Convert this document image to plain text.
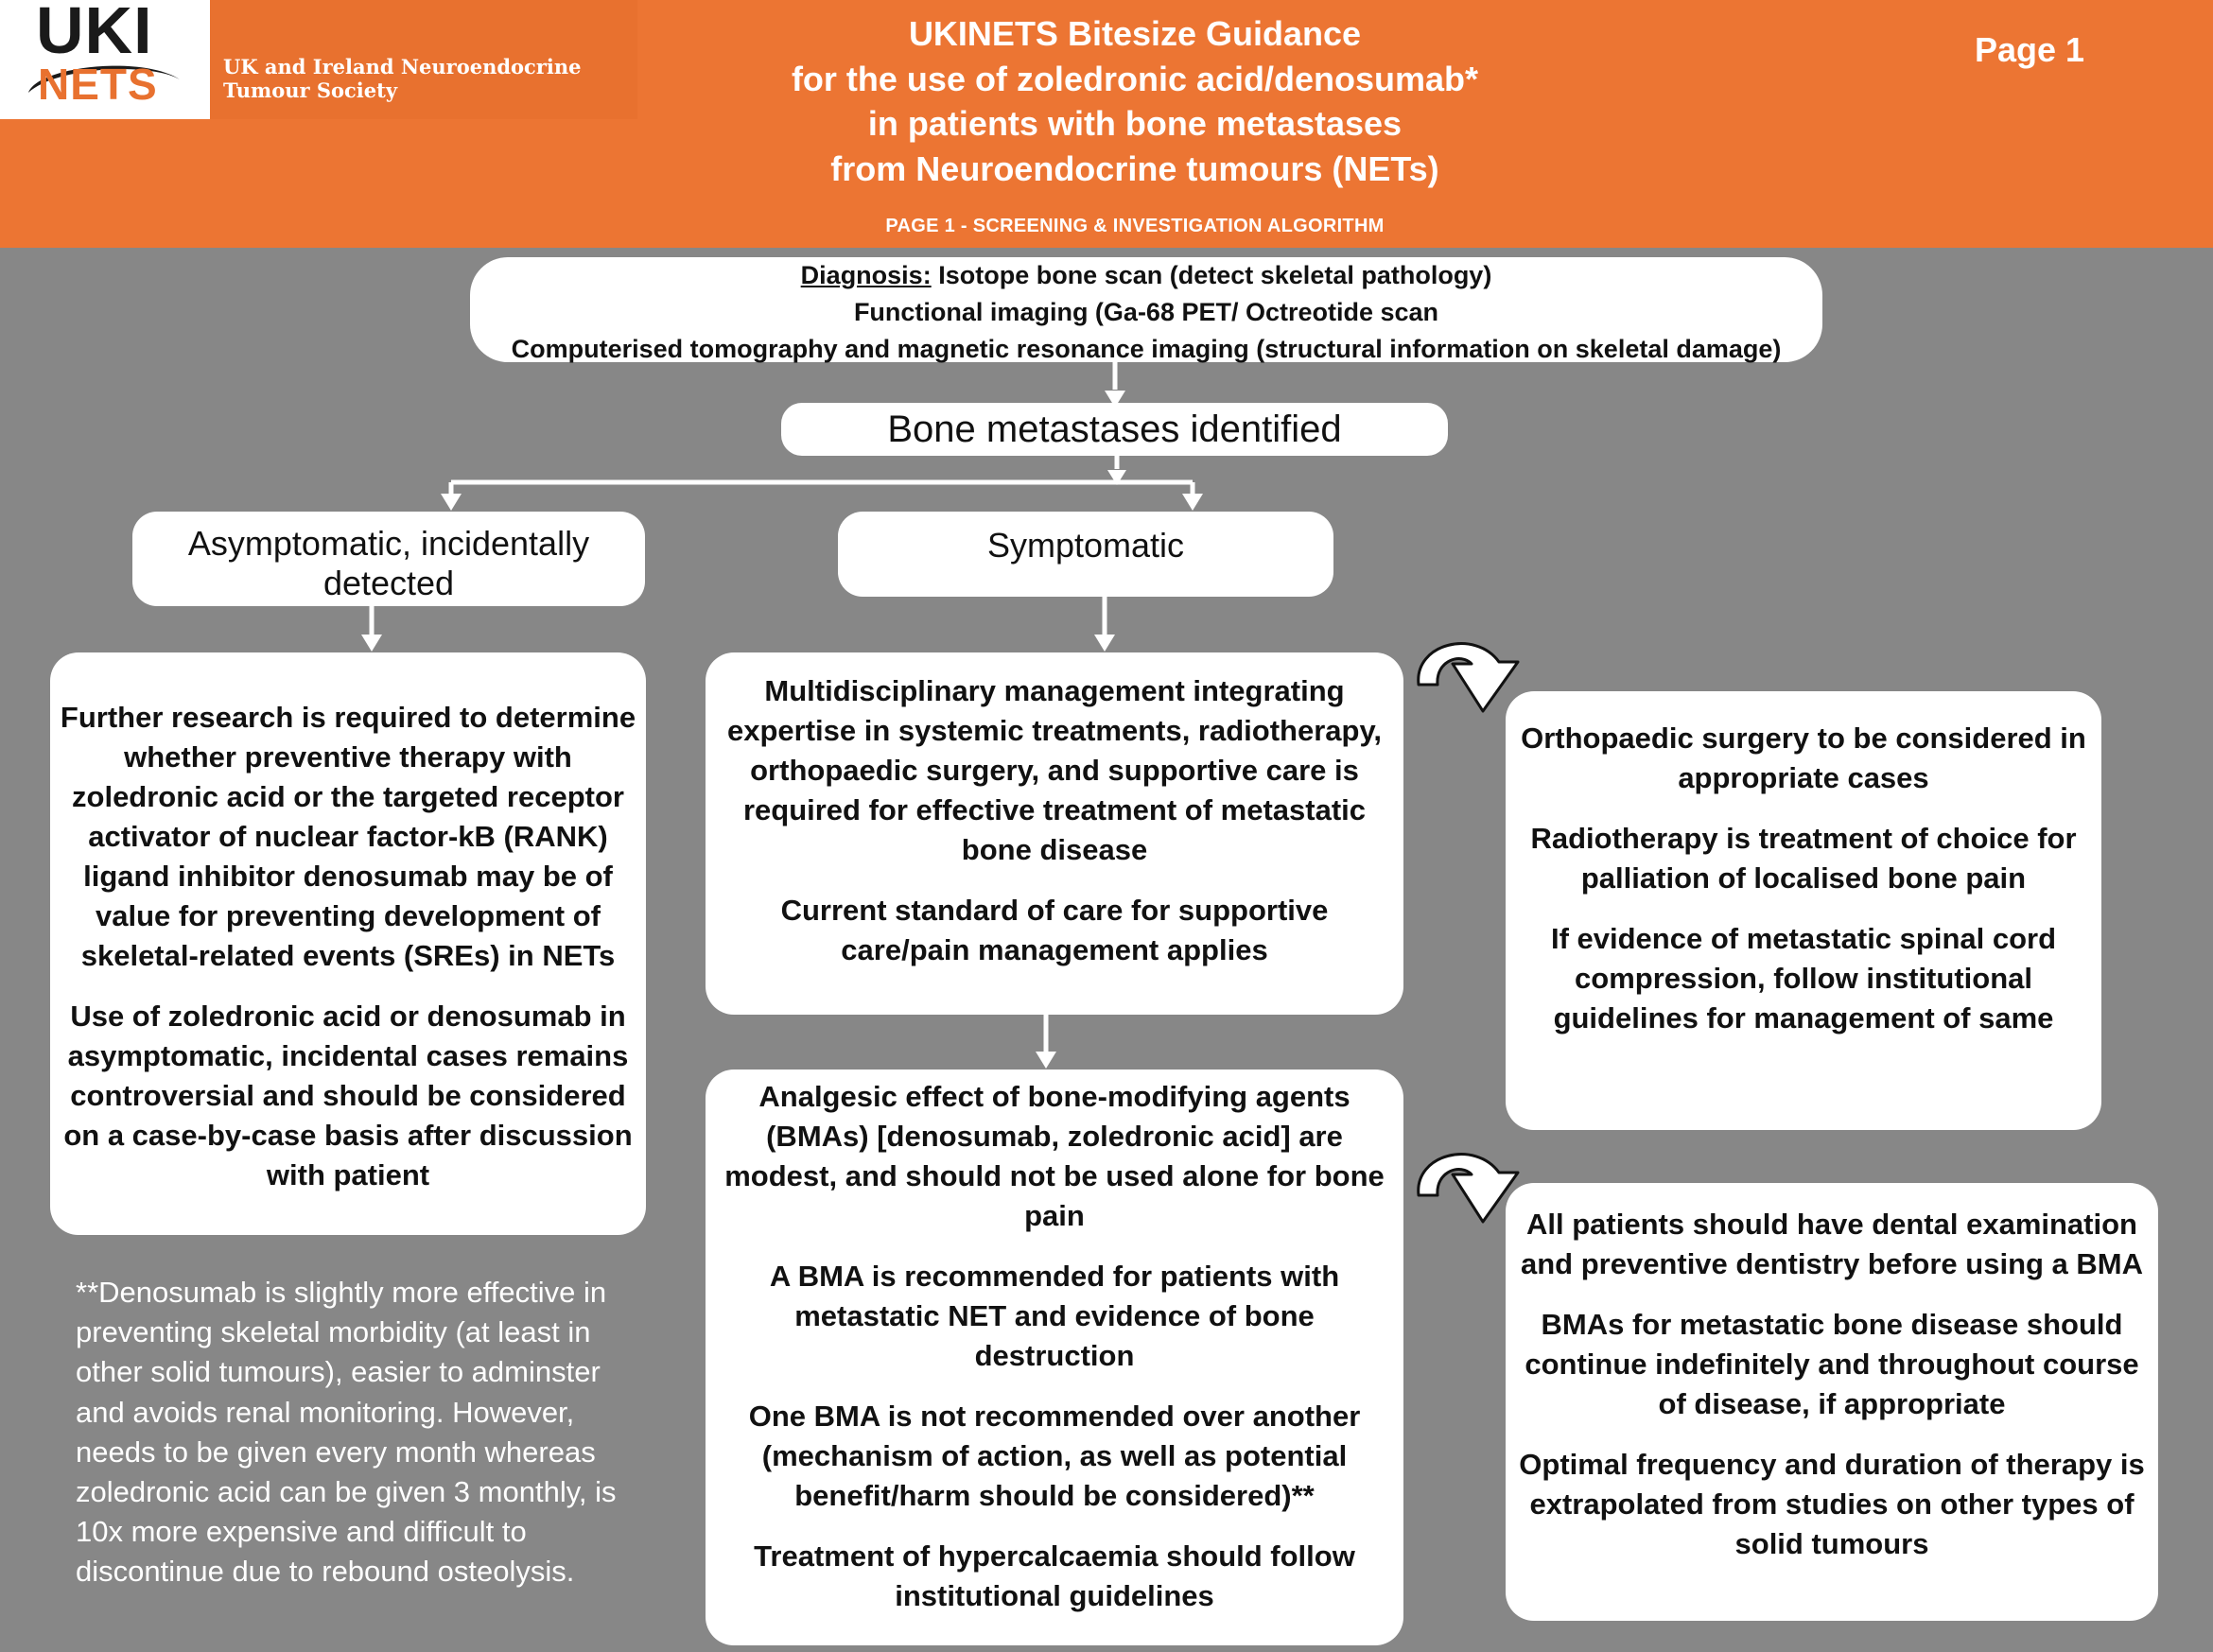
UKI
NETS	UK and Ireland Neuroendocrine
Tumour Society
UKINETS Bitesize Guidance
for the use of zoledronic acid/denosumab*
in patients with bone metastases
from Neuroendocrine tumours (NETs)
Page 1
PAGE 1 - SCREENING & INVESTIGATION ALGORITHM
Diagnosis: Isotope bone scan (detect skeletal pathology)
Functional imaging (Ga-68 PET/ Octreotide scan
Computerised tomography and magnetic resonance imaging (structural information on skeletal damage)
Bone metastases identified
Asymptomatic, incidentally detected
Symptomatic

Further research is required to determine whether preventive therapy with zoledronic acid or the targeted receptor activator of nuclear factor-kB (RANK) ligand inhibitor denosumab may be of value for preventing development of skeletal-related events (SREs) in NETs

Use of zoledronic acid or denosumab in asymptomatic, incidental cases remains controversial and should be considered on a case-by-case basis after discussion with patient

Multidisciplinary management integrating expertise in systemic treatments, radiotherapy, orthopaedic surgery, and supportive care is required for effective treatment of metastatic bone disease

Current standard of care for supportive care/pain management applies

Orthopaedic surgery to be considered in appropriate cases

Radiotherapy is treatment of choice for palliation of localised bone pain

If evidence of metastatic spinal cord compression, follow institutional guidelines for management of same

Analgesic effect of bone-modifying agents (BMAs) [denosumab, zoledronic acid] are modest, and should not be used alone for bone pain

A BMA is recommended for patients with metastatic NET and evidence of bone destruction

One BMA is not recommended over another (mechanism of action, as well as potential benefit/harm should be considered)**

Treatment of hypercalcaemia should follow institutional guidelines

All patients should have dental examination and preventive dentistry before using a BMA

BMAs for metastatic bone disease should continue indefinitely and throughout course of disease, if appropriate

Optimal frequency and duration of therapy is extrapolated from studies on other types of solid tumours

**Denosumab is slightly more effective in preventing skeletal morbidity (at least in other solid tumours), easier to adminster and avoids renal monitoring. However, needs to be given every month whereas zoledronic acid can be given 3 monthly, is 10x more expensive and difficult to discontinue due to rebound osteolysis.
